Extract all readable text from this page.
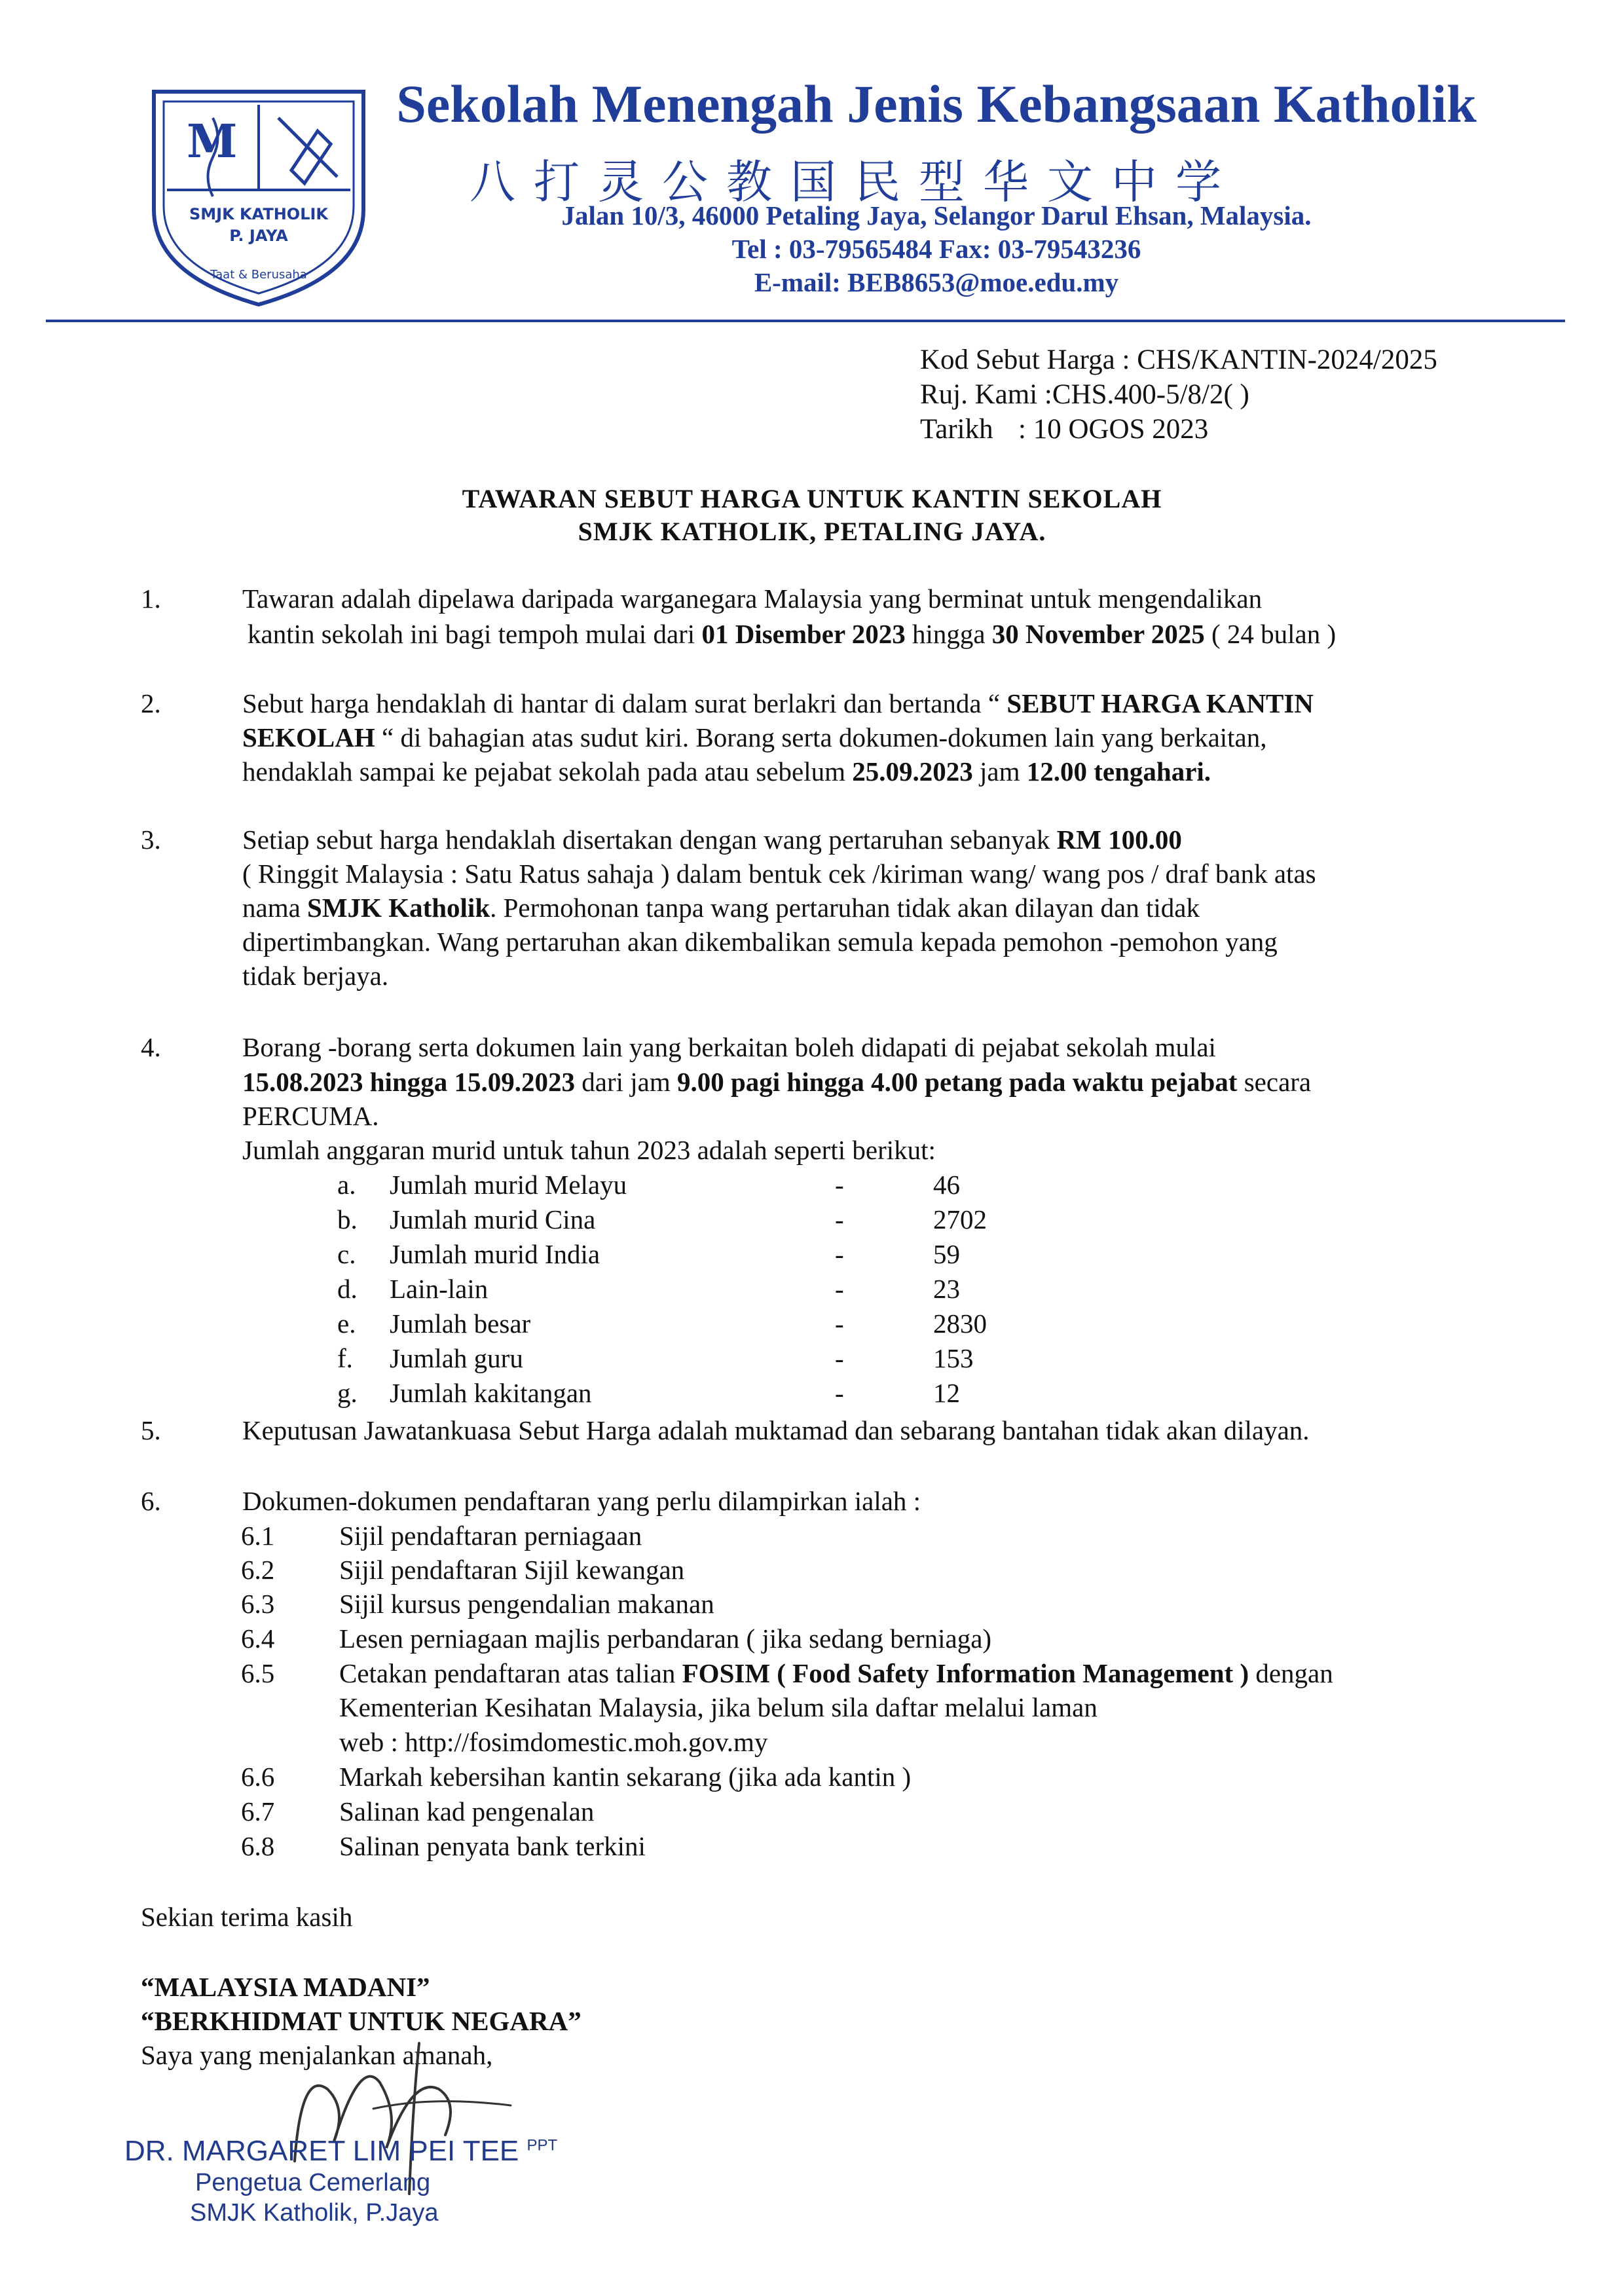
M
SMJK KATHOLIK
P. JAYA
Taat & Berusaha
Sekolah Menengah Jenis Kebangsaan Katholik
八打灵公教国民型华文中学
Jalan 10/3, 46000 Petaling Jaya, Selangor Darul Ehsan, Malaysia.
Tel : 03-79565484 Fax: 03-79543236
E-mail: BEB8653@moe.edu.my
Kod Sebut Harga : CHS/KANTIN-2024/2025
Ruj. Kami :CHS.400-5/8/2( )
Tarikh : 10 OGOS 2023
TAWARAN SEBUT HARGA UNTUK KANTIN SEKOLAH
SMJK KATHOLIK, PETALING JAYA.
1.	Tawaran adalah dipelawa daripada warganegara Malaysia yang berminat untuk mengendalikan
kantin sekolah ini bagi tempoh mulai dari 01 Disember 2023 hingga 30 November 2025 ( 24 bulan )
2.	Sebut harga hendaklah di hantar di dalam surat berlakri dan bertanda “ SEBUT HARGA KANTIN
SEKOLAH “ di bahagian atas sudut kiri. Borang serta dokumen-dokumen lain yang berkaitan,
hendaklah sampai ke pejabat sekolah pada atau sebelum 25.09.2023 jam 12.00 tengahari.
3.	Setiap sebut harga hendaklah disertakan dengan wang pertaruhan sebanyak RM 100.00
( Ringgit Malaysia : Satu Ratus sahaja ) dalam bentuk cek /kiriman wang/ wang pos / draf bank atas
nama SMJK Katholik. Permohonan tanpa wang pertaruhan tidak akan dilayan dan tidak
dipertimbangkan. Wang pertaruhan akan dikembalikan semula kepada pemohon -pemohon yang
tidak berjaya.
4.	Borang -borang serta dokumen lain yang berkaitan boleh didapati di pejabat sekolah mulai
15.08.2023 hingga 15.09.2023 dari jam 9.00 pagi hingga 4.00 petang pada waktu pejabat secara
PERCUMA.
Jumlah anggaran murid untuk tahun 2023 adalah seperti berikut:
a. Jumlah murid Melayu	-	46
b. Jumlah murid Cina	-	2702
c. Jumlah murid India	-	59
d. Lain-lain	-	23
e. Jumlah besar	-	2830
f. Jumlah guru	-	153
g. Jumlah kakitangan	-	12
5.	Keputusan Jawatankuasa Sebut Harga adalah muktamad dan sebarang bantahan tidak akan dilayan.
6.	Dokumen-dokumen pendaftaran yang perlu dilampirkan ialah :
6.1 Sijil pendaftaran perniagaan
6.2 Sijil pendaftaran Sijil kewangan
6.3 Sijil kursus pengendalian makanan
6.4 Lesen perniagaan majlis perbandaran ( jika sedang berniaga)
6.5 Cetakan pendaftaran atas talian FOSIM ( Food Safety Information Management ) dengan
Kementerian Kesihatan Malaysia, jika belum sila daftar melalui laman
web : http://fosimdomestic.moh.gov.my
6.6 Markah kebersihan kantin sekarang (jika ada kantin )
6.7 Salinan kad pengenalan
6.8 Salinan penyata bank terkini
Sekian terima kasih
“MALAYSIA MADANI”
“BERKHIDMAT UNTUK NEGARA”
Saya yang menjalankan amanah,
DR. MARGARET LIM PEI TEE $^{PPT}$
Pengetua Cemerlang
SMJK Katholik, P.Jaya
